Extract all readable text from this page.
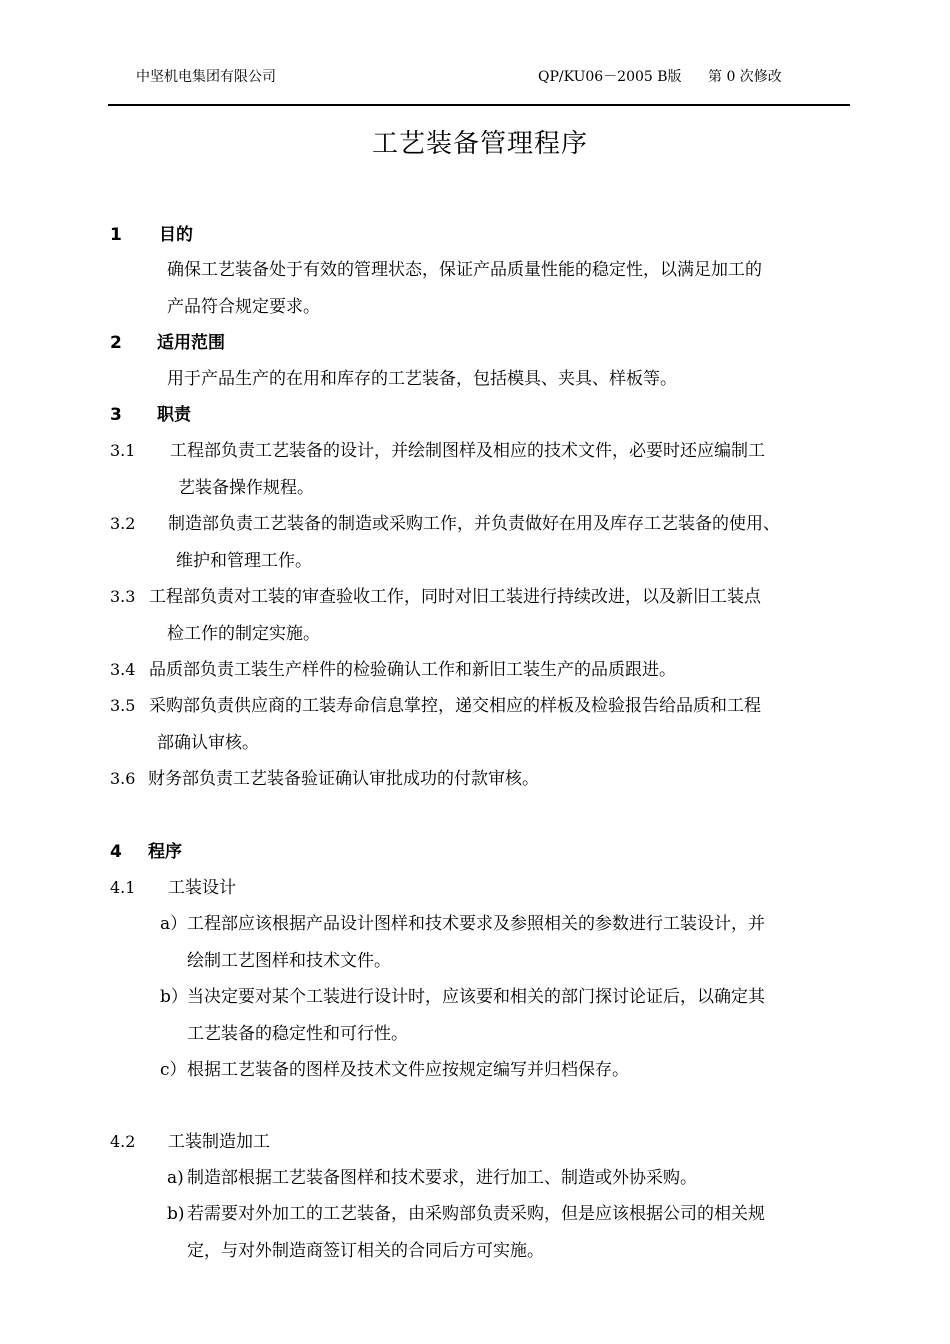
中坚机电集团有限公司	QP/KU06－2005 B版 第 0 次修改
工艺装备管理程序
1 目的
确保工艺装备处于有效的管理状态，保证产品质量性能的稳定性，以满足加工的
产品符合规定要求。
2 适用范围
用于产品生产的在用和库存的工艺装备，包括模具、夹具、样板等。
3 职责
3.1 工程部负责工艺装备的设计，并绘制图样及相应的技术文件，必要时还应编制工
艺装备操作规程。
3.2 制造部负责工艺装备的制造或采购工作，并负责做好在用及库存工艺装备的使用、
维护和管理工作。
3.3 工程部负责对工装的审查验收工作，同时对旧工装进行持续改进，以及新旧工装点
检工作的制定实施。
3.4 品质部负责工装生产样件的检验确认工作和新旧工装生产的品质跟进。
3.5 采购部负责供应商的工装寿命信息掌控，递交相应的样板及检验报告给品质和工程
部确认审核。
3.6 财务部负责工艺装备验证确认审批成功的付款审核。
4 程序
4.1 工装设计
a） 工程部应该根据产品设计图样和技术要求及参照相关的参数进行工装设计，并
绘制工艺图样和技术文件。
b） 当决定要对某个工装进行设计时，应该要和相关的部门探讨论证后，以确定其
工艺装备的稳定性和可行性。
c） 根据工艺装备的图样及技术文件应按规定编写并归档保存。
4.2 工装制造加工
a) 制造部根据工艺装备图样和技术要求，进行加工、制造或外协采购。
b) 若需要对外加工的工艺装备，由采购部负责采购，但是应该根据公司的相关规
定，与对外制造商签订相关的合同后方可实施。
